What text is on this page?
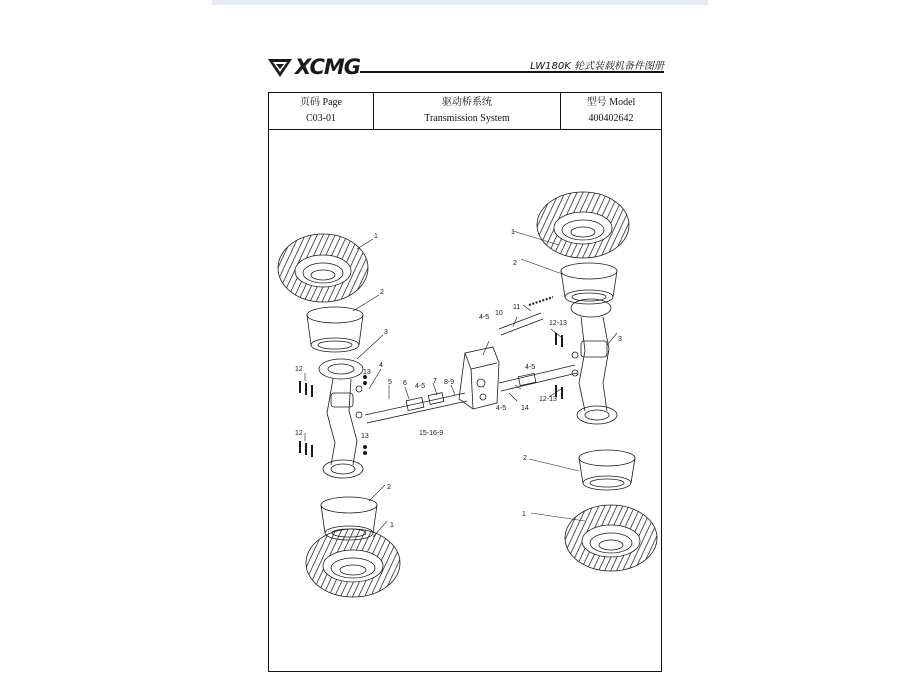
XCMG	LW180K 轮式装载机备件图册
页码 Page
C03-01

驱动桥系统
Transmission System

型号 Model
400402642
1
2
3
4
13
5 6 4-5
7 8-9
4-5
10
11
12-13
3
4-5
12-13
4-5 14
12
12	13	15-16-9
1
2
2
1
2
1
